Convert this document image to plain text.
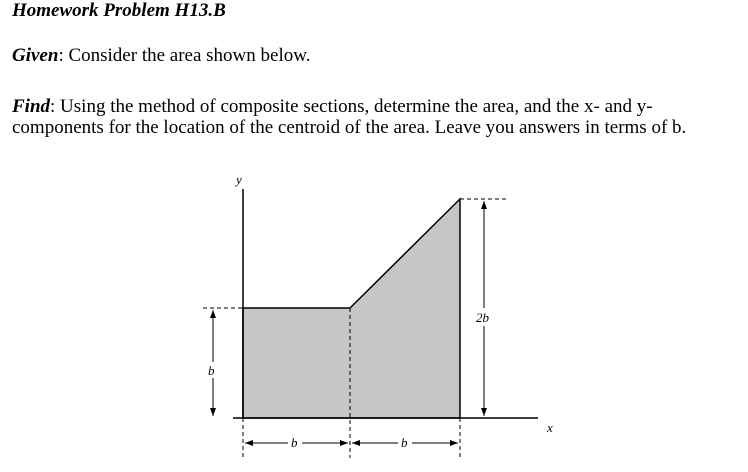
Homework Problem H13.B
Given: Consider the area shown below.
Find: Using the method of composite sections, determine the area, and the x- and y-
components for the location of the centroid of the area. Leave you answers in terms of b.
y
x
b
2b
b	b
